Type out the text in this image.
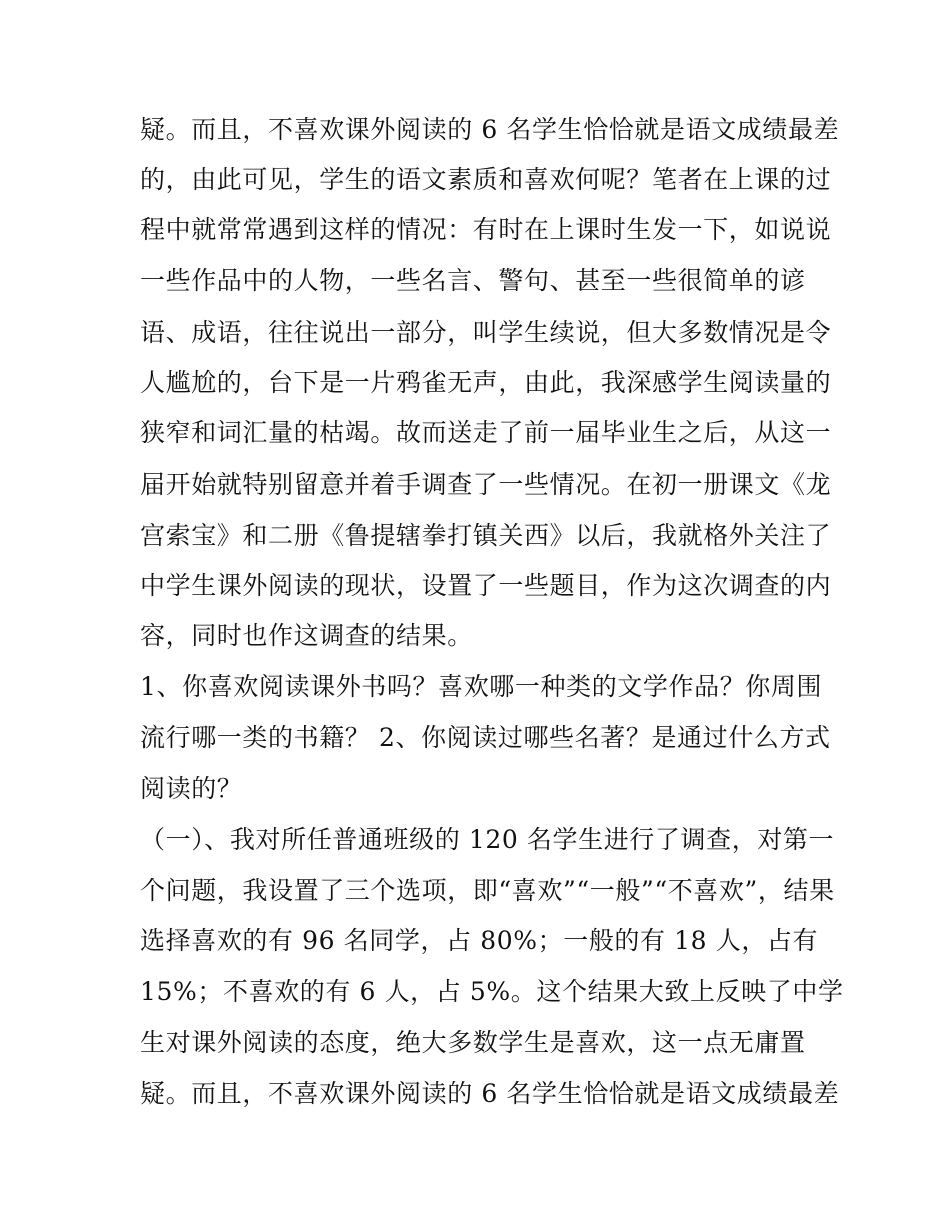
疑。而且，不喜欢课外阅读的 6 名学生恰恰就是语文成绩最差
的，由此可见，学生的语文素质和喜欢何呢？笔者在上课的过
程中就常常遇到这样的情况：有时在上课时生发一下，如说说
一些作品中的人物，一些名言、警句、甚至一些很简单的谚
语、成语，往往说出一部分，叫学生续说，但大多数情况是令
人尴尬的，台下是一片鸦雀无声，由此，我深感学生阅读量的
狭窄和词汇量的枯竭。故而送走了前一届毕业生之后，从这一
届开始就特别留意并着手调查了一些情况。在初一册课文《龙
宫索宝》和二册《鲁提辖拳打镇关西》以后，我就格外关注了
中学生课外阅读的现状，设置了一些题目，作为这次调查的内
容，同时也作这调查的结果。
1、你喜欢阅读课外书吗？喜欢哪一种类的文学作品？你周围
流行哪一类的书籍？ 2、你阅读过哪些名著？是通过什么方式
阅读的？
（一）、我对所任普通班级的 120 名学生进行了调查，对第一
个问题，我设置了三个选项，即“喜欢”“一般”“不喜欢”，结果
选择喜欢的有 96 名同学，占 80%；一般的有 18 人，占有
15%；不喜欢的有 6 人，占 5%。这个结果大致上反映了中学
生对课外阅读的态度，绝大多数学生是喜欢，这一点无庸置
疑。而且，不喜欢课外阅读的 6 名学生恰恰就是语文成绩最差
